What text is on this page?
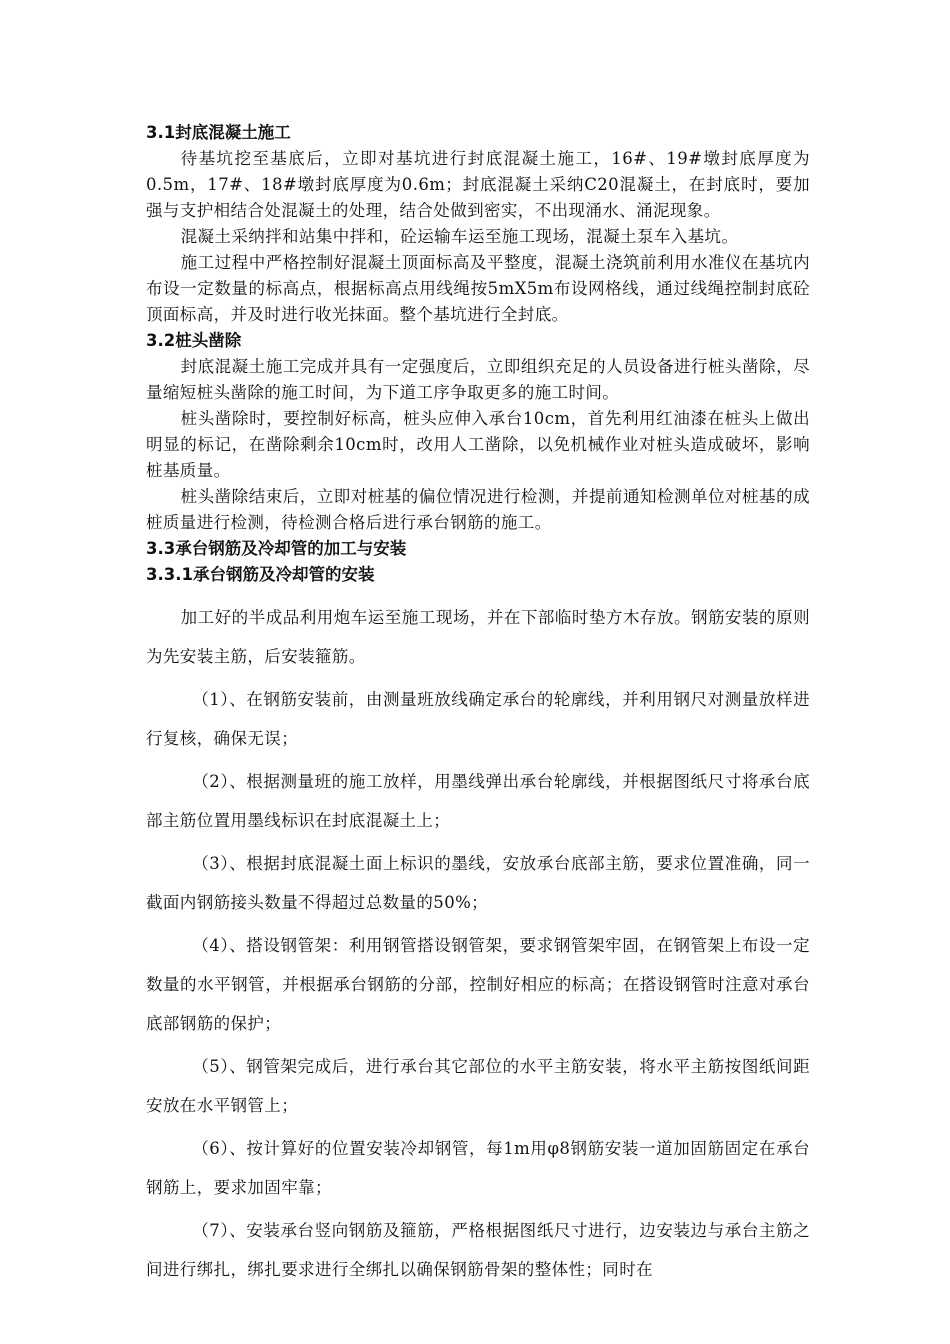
3.1封底混凝土施工

待基坑挖至基底后，立即对基坑进行封底混凝土施工，16#、19#墩封底厚度为0.5m，17#、18#墩封底厚度为0.6m；封底混凝土采纳C20混凝土，在封底时，要加强与支护相结合处混凝土的处理，结合处做到密实，不出现涌水、涌泥现象。

混凝土采纳拌和站集中拌和，砼运输车运至施工现场，混凝土泵车入基坑。

施工过程中严格控制好混凝土顶面标高及平整度，混凝土浇筑前利用水准仪在基坑内布设一定数量的标高点，根据标高点用线绳按5mX5m布设网格线，通过线绳控制封底砼顶面标高，并及时进行收光抹面。整个基坑进行全封底。

3.2桩头凿除

封底混凝土施工完成并具有一定强度后，立即组织充足的人员设备进行桩头凿除，尽量缩短桩头凿除的施工时间，为下道工序争取更多的施工时间。

桩头凿除时，要控制好标高，桩头应伸入承台10cm，首先利用红油漆在桩头上做出明显的标记，在凿除剩余10cm时，改用人工凿除，以免机械作业对桩头造成破坏，影响桩基质量。

桩头凿除结束后，立即对桩基的偏位情况进行检测，并提前通知检测单位对桩基的成桩质量进行检测，待检测合格后进行承台钢筋的施工。

3.3承台钢筋及冷却管的加工与安装
3.3.1承台钢筋及冷却管的安装

加工好的半成品利用炮车运至施工现场，并在下部临时垫方木存放。钢筋安装的原则为先安装主筋，后安装箍筋。

（1）、在钢筋安装前，由测量班放线确定承台的轮廓线，并利用钢尺对测量放样进行复核，确保无误；

（2）、根据测量班的施工放样，用墨线弹出承台轮廓线，并根据图纸尺寸将承台底部主筋位置用墨线标识在封底混凝土上；

（3）、根据封底混凝土面上标识的墨线，安放承台底部主筋，要求位置准确，同一截面内钢筋接头数量不得超过总数量的50%；

（4）、搭设钢管架：利用钢管搭设钢管架，要求钢管架牢固，在钢管架上布设一定数量的水平钢管，并根据承台钢筋的分部，控制好相应的标高；在搭设钢管时注意对承台底部钢筋的保护；

（5）、钢管架完成后，进行承台其它部位的水平主筋安装，将水平主筋按图纸间距安放在水平钢管上；

（6）、按计算好的位置安装冷却钢管，每1m用φ8钢筋安装一道加固筋固定在承台钢筋上，要求加固牢靠；

（7）、安装承台竖向钢筋及箍筋，严格根据图纸尺寸进行，边安装边与承台主筋之间进行绑扎，绑扎要求进行全绑扎以确保钢筋骨架的整体性；同时在
